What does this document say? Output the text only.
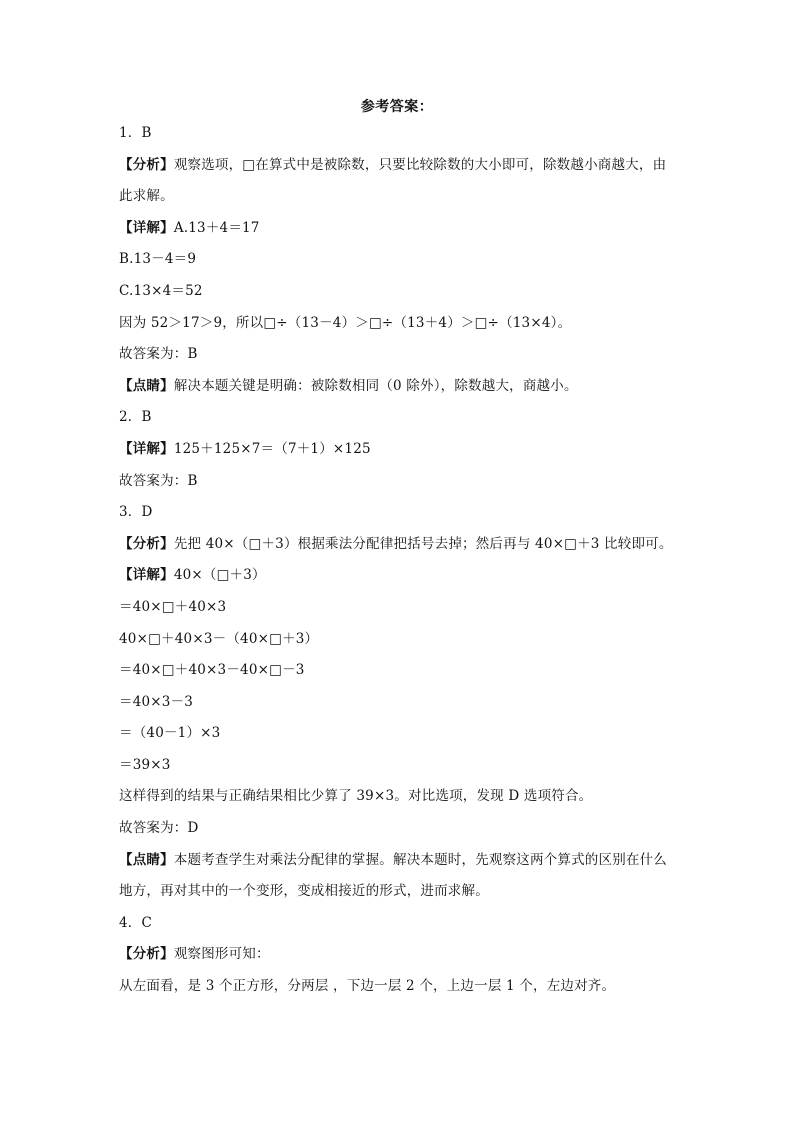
参考答案：
1．B
【分析】观察选项，□在算式中是被除数，只要比较除数的大小即可，除数越小商越大，由
此求解。
【详解】A.13＋4＝17
B.13－4＝9
C.13×4＝52
因为 52＞17＞9，所以□÷（13－4）＞□÷（13＋4）＞□÷（13×4）。
故答案为：B
【点睛】解决本题关键是明确：被除数相同（0 除外），除数越大，商越小。
2．B
【详解】125＋125×7＝（7＋1）×125
故答案为：B
3．D
【分析】先把 40×（□＋3）根据乘法分配律把括号去掉；然后再与 40×□＋3 比较即可。
【详解】40×（□＋3）
＝40×□＋40×3
40×□＋40×3－（40×□＋3）
＝40×□＋40×3－40×□－3
＝40×3－3
＝（40－1）×3
＝39×3
这样得到的结果与正确结果相比少算了 39×3。对比选项，发现 D 选项符合。
故答案为：D
【点睛】本题考查学生对乘法分配律的掌握。解决本题时，先观察这两个算式的区别在什么
地方，再对其中的一个变形，变成相接近的形式，进而求解。
4．C
【分析】观察图形可知：
从左面看，是 3 个正方形，分两层 ，下边一层 2 个，上边一层 1 个，左边对齐。
